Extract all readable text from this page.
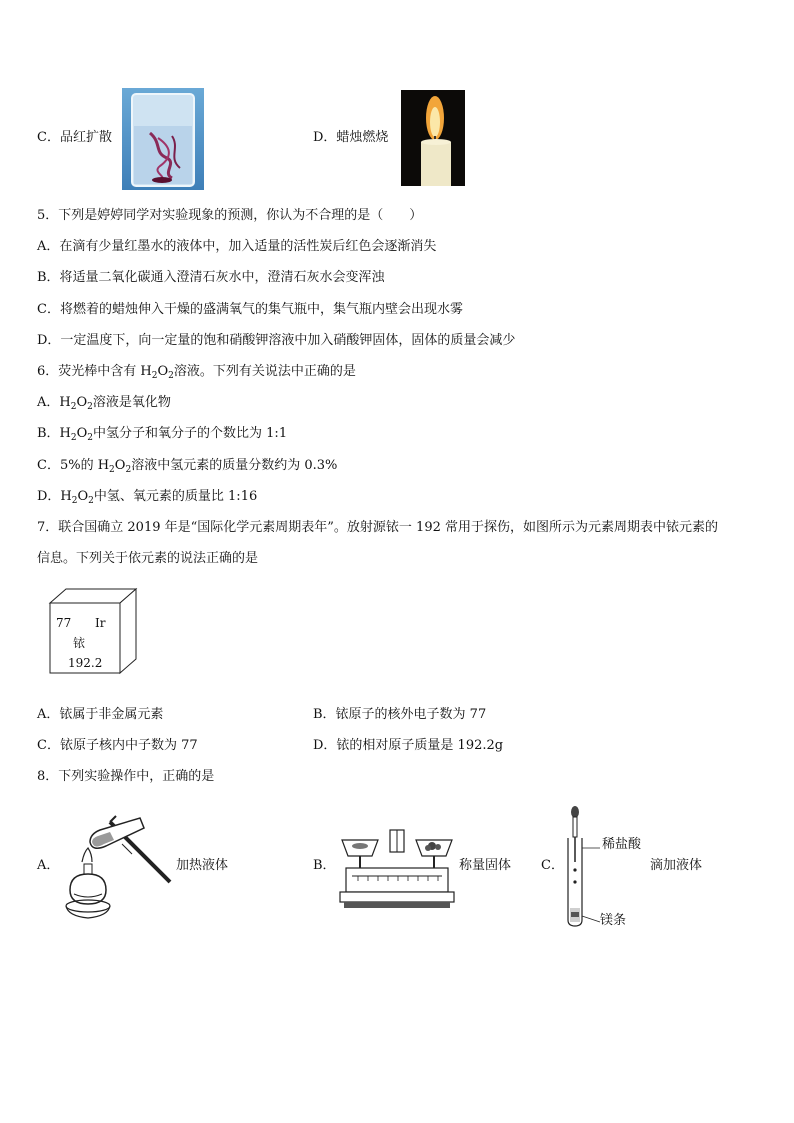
C．品红扩散	D．蜡烛燃烧
5．下列是婷婷同学对实验现象的预测，你认为不合理的是（　　）
A．在滴有少量红墨水的液体中，加入适量的活性炭后红色会逐渐消失
B．将适量二氧化碳通入澄清石灰水中，澄清石灰水会变浑浊
C．将燃着的蜡烛伸入干燥的盛满氧气的集气瓶中，集气瓶内壁会出现水雾
D．一定温度下，向一定量的饱和硝酸钾溶液中加入硝酸钾固体，固体的质量会减少
6．荧光棒中含有 $H_2O_2$溶液。下列有关说法中正确的是
A．$H_2O_2$溶液是氧化物
B．$H_2O_2$中氢分子和氧分子的个数比为 1:1
C．5%的 $H_2O_2$溶液中氢元素的质量分数约为 0.3%
D．$H_2O_2$中氢、氧元素的质量比 1:16
7．联合国确立 2019 年是“国际化学元素周期表年”。放射源铱一 192 常用于探伤，如图所示为元素周期表中铱元素的
信息。下列关于依元素的说法正确的是
77 Ir
铱
192.2
A．铱属于非金属元素	B．铱原子的核外电子数为 77
C．铱原子核内中子数为 77	D．铱的相对原子质量是 192.2g
8．下列实验操作中，正确的是
A．	加热液体	B．	称量固体 C．
稀盐酸
滴加液体
镁条
